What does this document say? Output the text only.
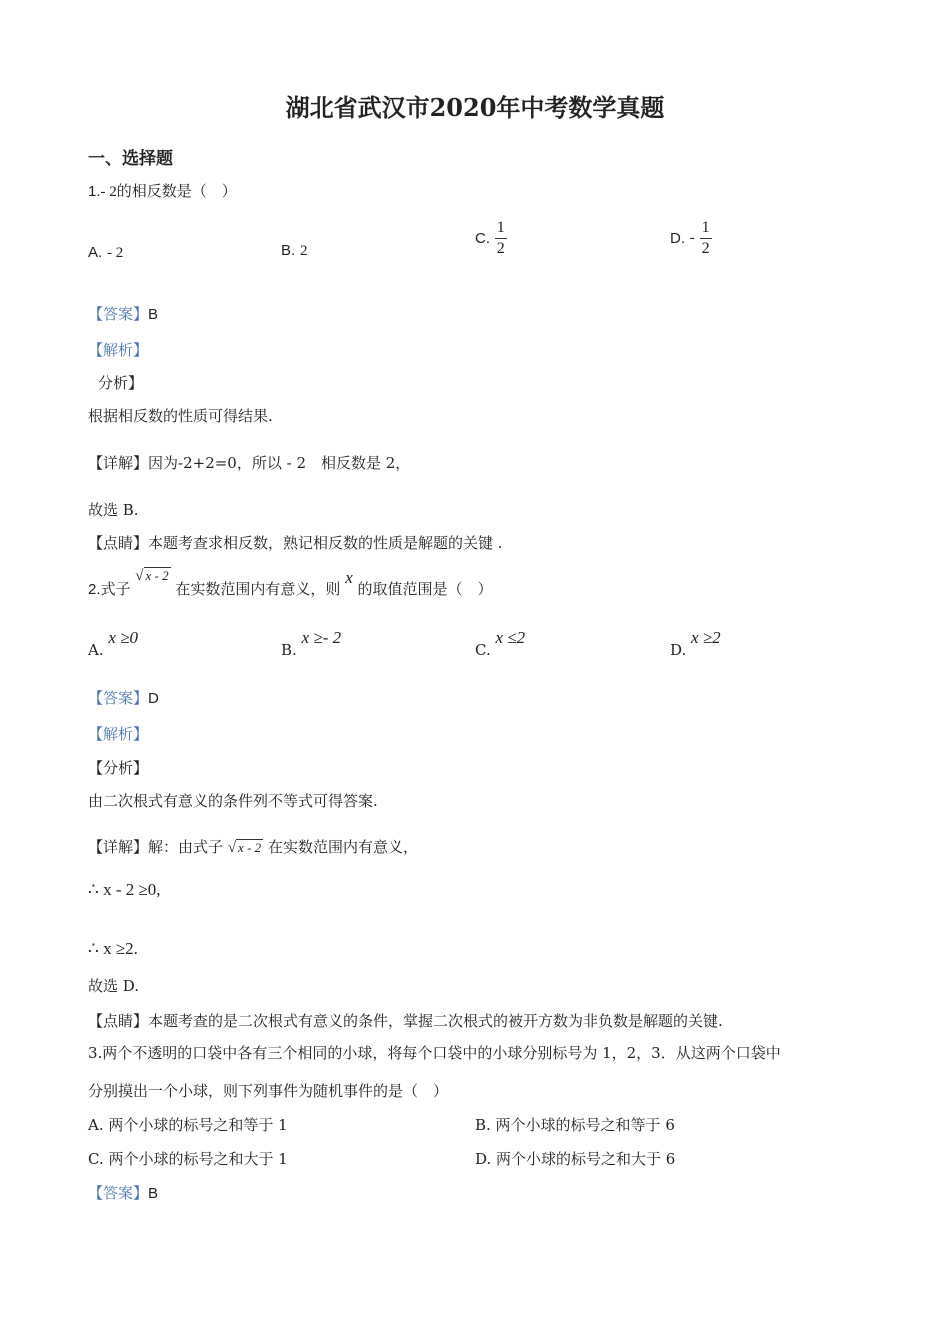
湖北省武汉市2020年中考数学真题
一、选择题
1.- 2的相反数是（　）
A. - 2	B. 2
C. $\frac{1}{2}$	D. - $\frac{1}{2}$
【答案】B
【解析】
分析】
根据相反数的性质可得结果.
【详解】因为-2+2=0，所以 - 2　相反数是 2，
故选 B.
【点睛】本题考查求相反数，熟记相反数的性质是解题的关键 .
2.式子 √ x - 2 在实数范围内有意义，则 x 的取值范围是（　）
A. x ≥0
B. x ≥- 2
C. x ≤2
D. x ≥2
【答案】D
【解析】
【分析】
由二次根式有意义的条件列不等式可得答案.
【详解】解：由式子 √ x - 2 在实数范围内有意义，
∴ x - 2 ≥0,
∴ x ≥2.
故选 D.
【点睛】本题考查的是二次根式有意义的条件，掌握二次根式的被开方数为非负数是解题的关键.
3.两个不透明的口袋中各有三个相同的小球，将每个口袋中的小球分别标号为 1，2，3．从这两个口袋中
分别摸出一个小球，则下列事件为随机事件的是（　）
A. 两个小球的标号之和等于 1	B. 两个小球的标号之和等于 6
C. 两个小球的标号之和大于 1	D. 两个小球的标号之和大于 6
【答案】B
